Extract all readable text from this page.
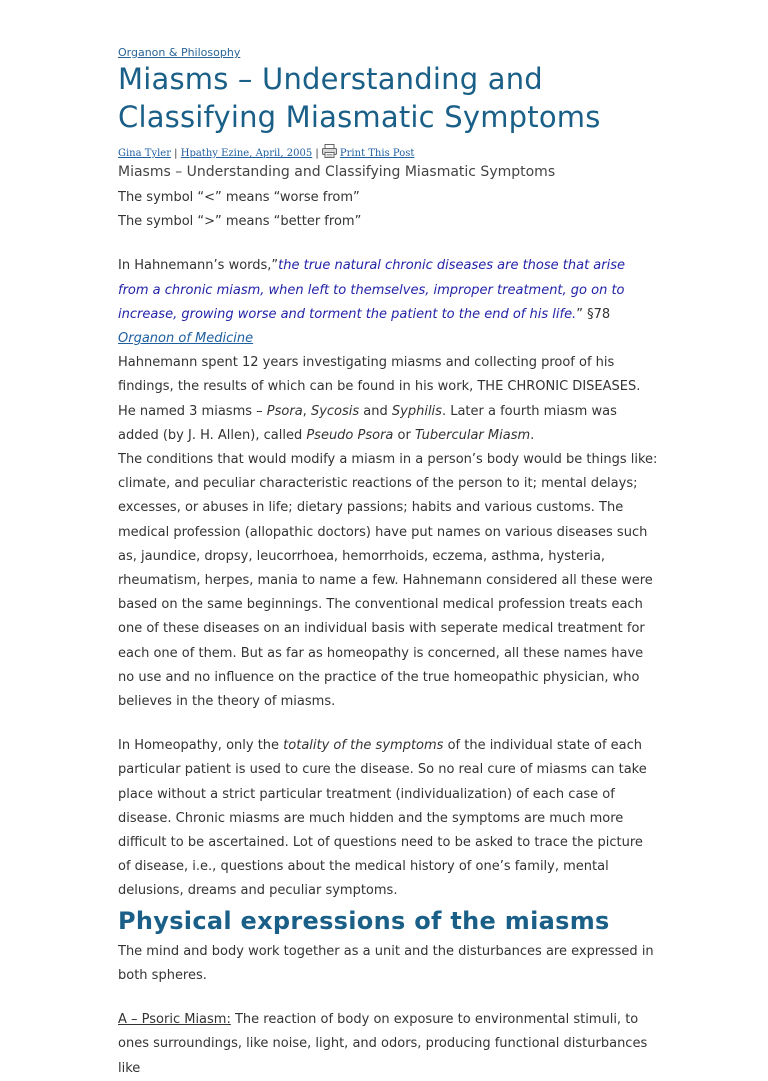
Organon & Philosophy
Miasms – Understanding and Classifying Miasmatic Symptoms
Gina Tyler | Hpathy Ezine, April, 2005 | Print This Post
Miasms – Understanding and Classifying Miasmatic Symptoms

The symbol “<” means “worse from”

The symbol “>” means “better from”

In Hahnemann’s words,”the true natural chronic diseases are those that arise from a chronic miasm, when left to themselves, improper treatment, go on to increase, growing worse and torment the patient to the end of his life.” §78 Organon of Medicine

Hahnemann spent 12 years investigating miasms and collecting proof of his findings, the results of which can be found in his work, THE CHRONIC DISEASES. He named 3 miasms – Psora, Sycosis and Syphilis. Later a fourth miasm was added (by J. H. Allen), called Pseudo Psora or Tubercular Miasm.

The conditions that would modify a miasm in a person’s body would be things like: climate, and peculiar characteristic reactions of the person to it; mental delays; excesses, or abuses in life; dietary passions; habits and various customs. The medical profession (allopathic doctors) have put names on various diseases such as, jaundice, dropsy, leucorrhoea, hemorrhoids, eczema, asthma, hysteria, rheumatism, herpes, mania to name a few. Hahnemann considered all these were based on the same beginnings. The conventional medical profession treats each one of these diseases on an individual basis with seperate medical treatment for each one of them. But as far as homeopathy is concerned, all these names have no use and no influence on the practice of the true homeopathic physician, who believes in the theory of miasms.

In Homeopathy, only the totality of the symptoms of the individual state of each particular patient is used to cure the disease. So no real cure of miasms can take place without a strict particular treatment (individualization) of each case of disease. Chronic miasms are much hidden and the symptoms are much more difficult to be ascertained. Lot of questions need to be asked to trace the picture of disease, i.e., questions about the medical history of one’s family, mental delusions, dreams and peculiar symptoms.

Physical expressions of the miasms

The mind and body work together as a unit and the disturbances are expressed in both spheres.

A – Psoric Miasm: The reaction of body on exposure to environmental stimuli, to ones surroundings, like noise, light, and odors, producing functional disturbances like
